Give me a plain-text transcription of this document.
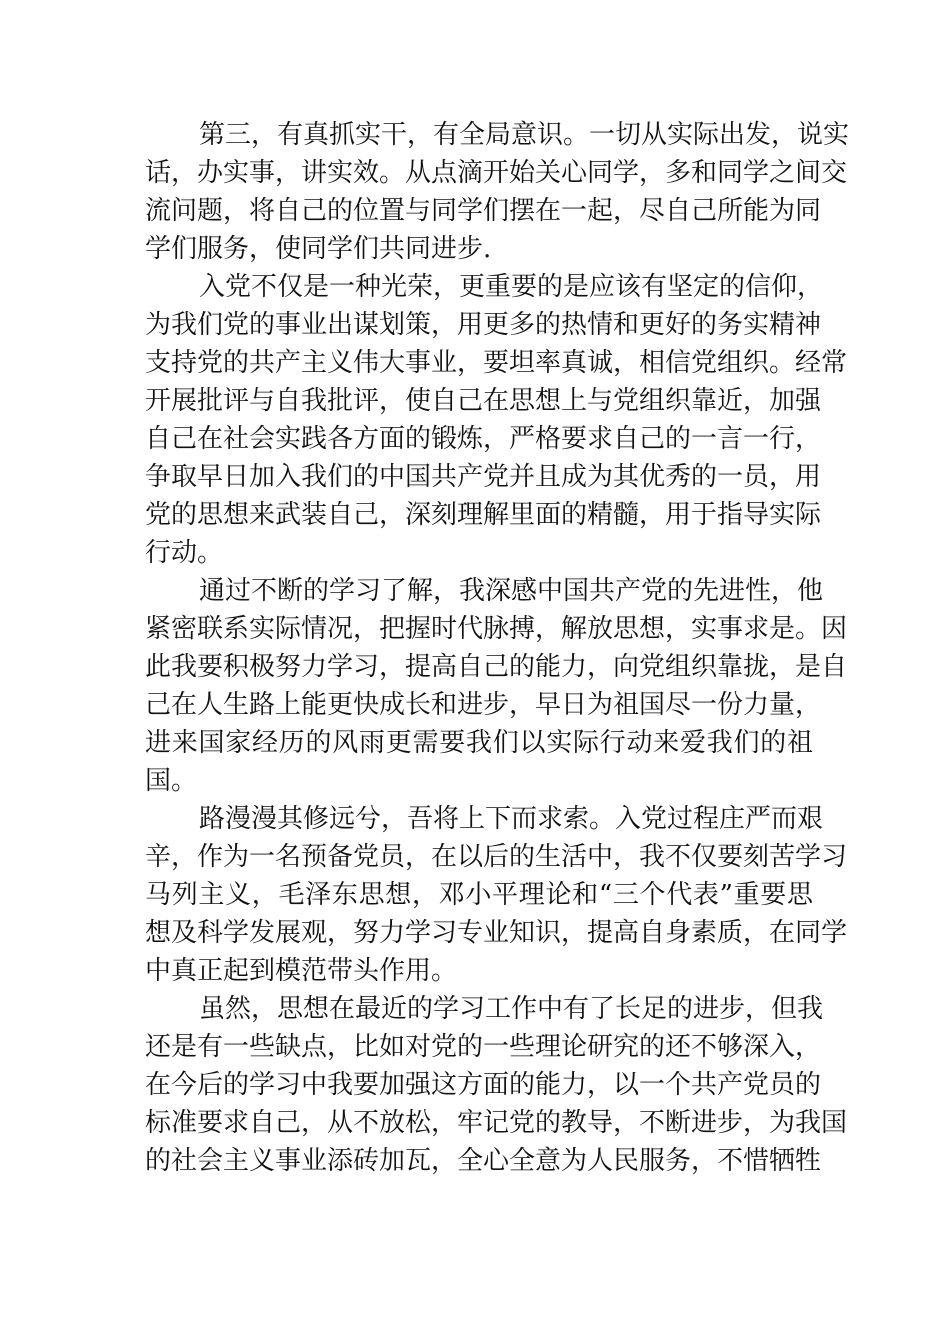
第三，有真抓实干，有全局意识。一切从实际出发，说实
话，办实事，讲实效。从点滴开始关心同学，多和同学之间交
流问题，将自己的位置与同学们摆在一起，尽自己所能为同
学们服务，使同学们共同进步.
入党不仅是一种光荣，更重要的是应该有坚定的信仰，
为我们党的事业出谋划策，用更多的热情和更好的务实精神
支持党的共产主义伟大事业，要坦率真诚，相信党组织。经常
开展批评与自我批评，使自己在思想上与党组织靠近，加强
自己在社会实践各方面的锻炼，严格要求自己的一言一行，
争取早日加入我们的中国共产党并且成为其优秀的一员，用
党的思想来武装自己，深刻理解里面的精髓，用于指导实际
行动。
通过不断的学习了解，我深感中国共产党的先进性，他
紧密联系实际情况，把握时代脉搏，解放思想，实事求是。因
此我要积极努力学习，提高自己的能力，向党组织靠拢，是自
己在人生路上能更快成长和进步，早日为祖国尽一份力量，
进来国家经历的风雨更需要我们以实际行动来爱我们的祖
国。
路漫漫其修远兮，吾将上下而求索。入党过程庄严而艰
辛，作为一名预备党员，在以后的生活中，我不仅要刻苦学习
马列主义，毛泽东思想，邓小平理论和“三个代表”重要思
想及科学发展观，努力学习专业知识，提高自身素质，在同学
中真正起到模范带头作用。
虽然，思想在最近的学习工作中有了长足的进步，但我
还是有一些缺点，比如对党的一些理论研究的还不够深入，
在今后的学习中我要加强这方面的能力，以一个共产党员的
标准要求自己，从不放松，牢记党的教导，不断进步，为我国
的社会主义事业添砖加瓦，全心全意为人民服务，不惜牺牲
